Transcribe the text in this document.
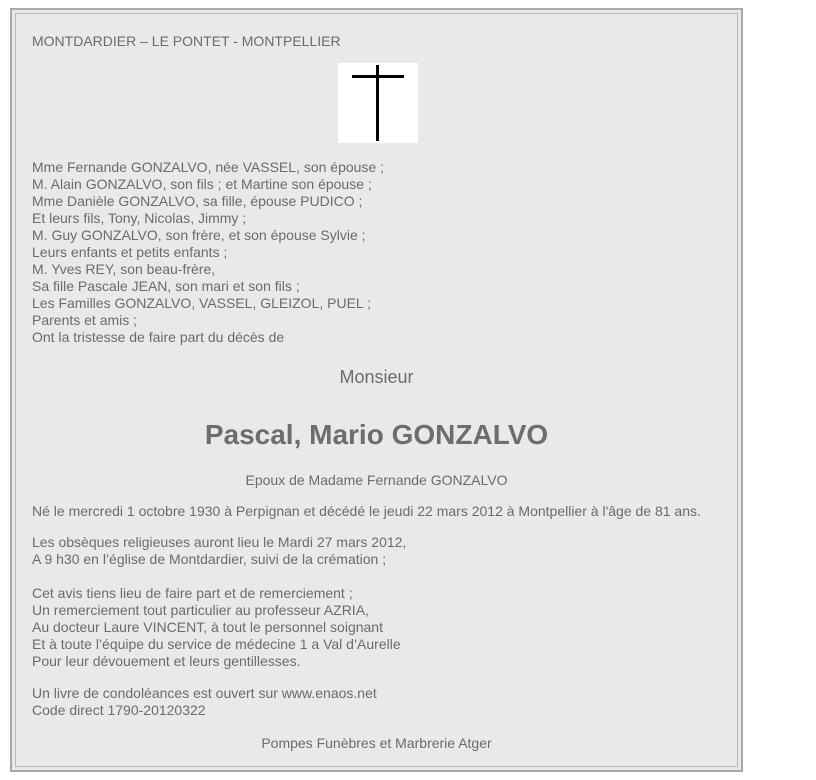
MONTDARDIER – LE PONTET - MONTPELLIER
Mme Fernande GONZALVO, née VASSEL, son épouse ;
M. Alain GONZALVO, son fils ; et Martine son épouse ;
Mme Danièle GONZALVO, sa fille, épouse PUDICO ;
Et leurs fils, Tony, Nicolas, Jimmy ;
M. Guy GONZALVO, son frère, et son épouse Sylvie ;
Leurs enfants et petits enfants ;
M. Yves REY, son beau-frère,
Sa fille Pascale JEAN, son mari et son fils ;
Les Familles GONZALVO, VASSEL, GLEIZOL, PUEL ;
Parents et amis ;
Ont la tristesse de faire part du décès de
Monsieur
Pascal, Mario GONZALVO
Epoux de Madame Fernande GONZALVO
Né le mercredi 1 octobre 1930 à Perpignan et décédé le jeudi 22 mars 2012 à Montpellier à l'âge de 81 ans.
Les obsèques religieuses auront lieu le Mardi 27 mars 2012,
A 9 h30 en l’église de Montdardier, suivi de la crémation ;
Cet avis tiens lieu de faire part et de remerciement ;
Un remerciement tout particulier au professeur AZRIA,
Au docteur Laure VINCENT, à tout le personnel soignant
Et à toute l’équipe du service de médecine 1 a Val d’Aurelle
Pour leur dévouement et leurs gentillesses.
Un livre de condoléances est ouvert sur www.enaos.net
Code direct 1790-20120322
Pompes Funèbres et Marbrerie Atger
